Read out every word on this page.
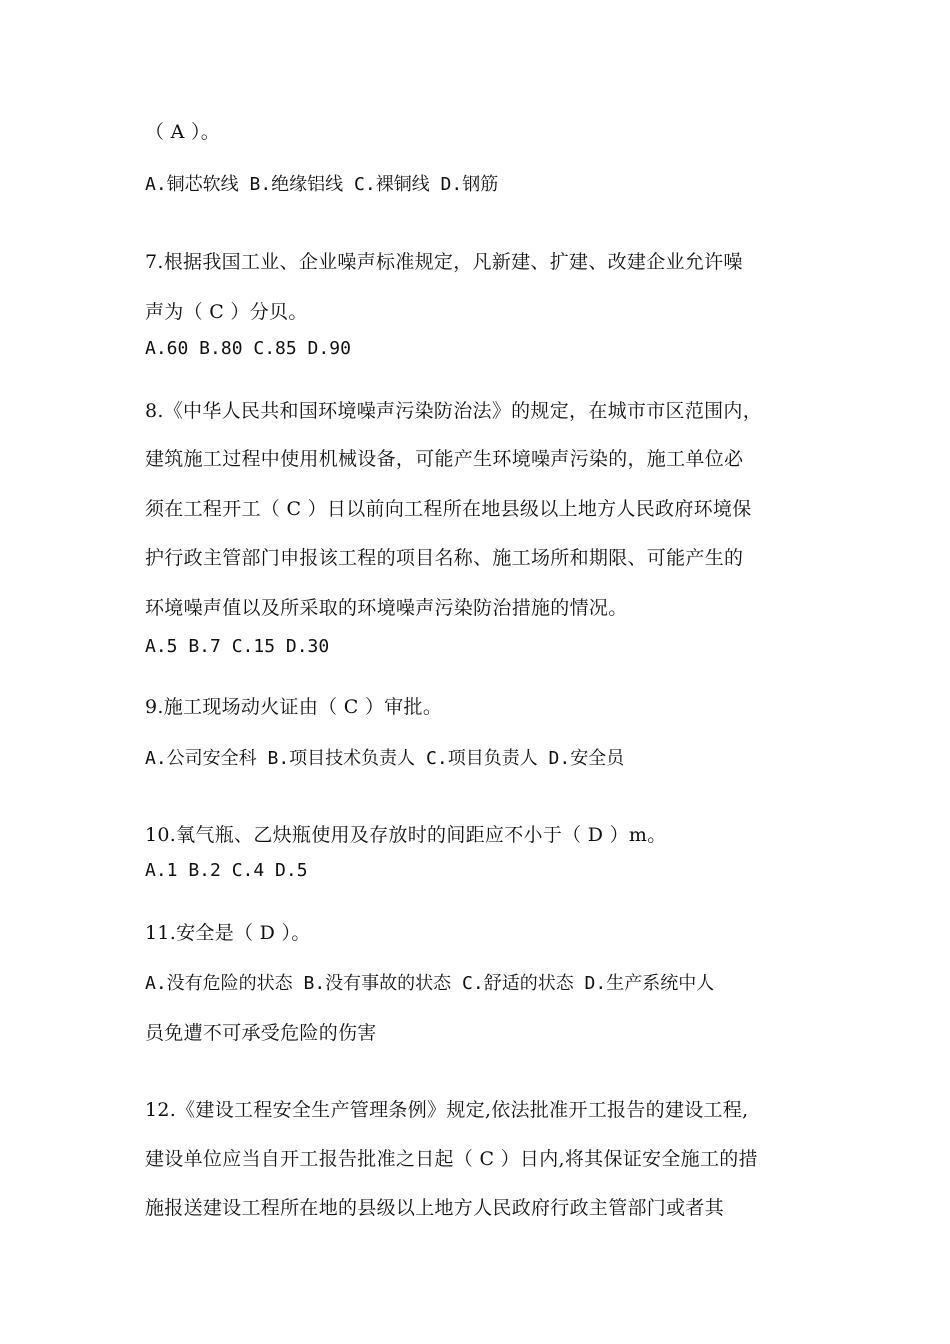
（ A ）。
A.铜芯软线 B.绝缘铝线 C.裸铜线 D.钢筋
7.根据我国工业、企业噪声标准规定，凡新建、扩建、改建企业允许噪
声为（ C ）分贝。
A.60 B.80 C.85 D.90
8.《中华人民共和国环境噪声污染防治法》的规定，在城市市区范围内，
建筑施工过程中使用机械设备，可能产生环境噪声污染的，施工单位必
须在工程开工（ C ）日以前向工程所在地县级以上地方人民政府环境保
护行政主管部门申报该工程的项目名称、施工场所和期限、可能产生的
环境噪声值以及所采取的环境噪声污染防治措施的情况。
A.5 B.7 C.15 D.30
9.施工现场动火证由（ C ）审批。
A.公司安全科 B.项目技术负责人 C.项目负责人 D.安全员
10.氧气瓶、乙炔瓶使用及存放时的间距应不小于（ D ）m。
A.1 B.2 C.4 D.5
11.安全是（ D ）。
A.没有危险的状态 B.没有事故的状态 C.舒适的状态 D.生产系统中人
员免遭不可承受危险的伤害
12.《建设工程安全生产管理条例》规定,依法批准开工报告的建设工程,
建设单位应当自开工报告批准之日起（ C ）日内,将其保证安全施工的措
施报送建设工程所在地的县级以上地方人民政府行政主管部门或者其
